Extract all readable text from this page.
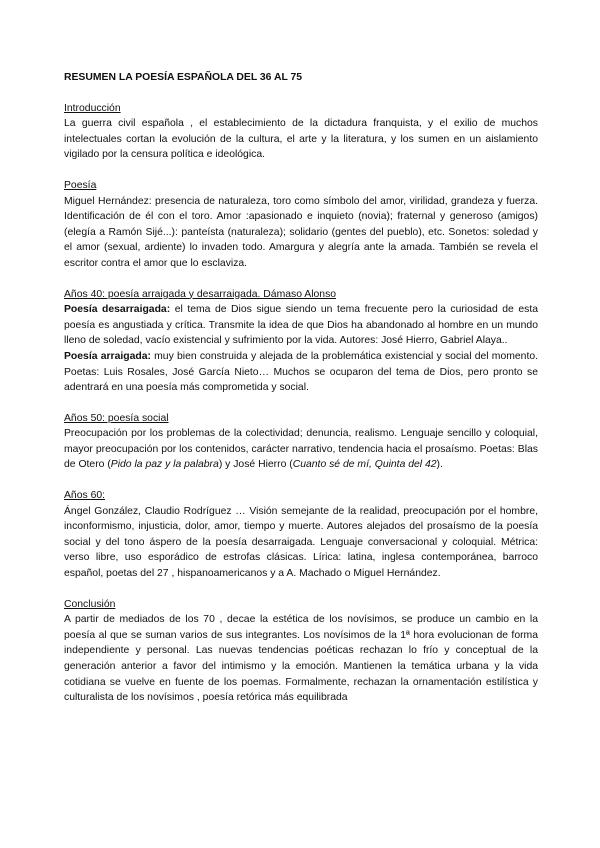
RESUMEN LA POESÍA ESPAÑOLA DEL 36 AL 75

Introducción

La guerra civil española , el establecimiento de la dictadura franquista, y el exilio de muchos intelectuales cortan la evolución de la cultura, el arte y la literatura, y los sumen en un aislamiento vigilado por la censura política e ideológica.

Poesía

Miguel Hernández: presencia de naturaleza, toro como símbolo del amor, virilidad, grandeza y fuerza. Identificación de él con el toro. Amor :apasionado e inquieto (novia); fraternal y generoso (amigos) (elegía a Ramón Sijé...): panteísta (naturaleza); solidario (gentes del pueblo), etc. Sonetos: soledad y el amor (sexual, ardiente) lo invaden todo. Amargura y alegría ante la amada. También se revela el escritor contra el amor que lo esclaviza.

Años 40: poesía arraigada y desarraigada. Dámaso Alonso

Poesía desarraigada: el tema de Dios sigue siendo un tema frecuente pero la curiosidad de esta poesía es angustiada y crítica. Transmite la idea de que Dios ha abandonado al hombre en un mundo lleno de soledad, vacío existencial y sufrimiento por la vida. Autores: José Hierro, Gabriel Alaya..

Poesía arraigada: muy bien construida y alejada de la problemática existencial y social del momento. Poetas: Luis Rosales, José García Nieto… Muchos se ocuparon del tema de Dios, pero pronto se adentrará en una poesía más comprometida y social.

Años 50: poesía social

Preocupación por los problemas de la colectividad; denuncia, realismo. Lenguaje sencillo y coloquial, mayor preocupación por los contenidos, carácter narrativo, tendencia hacia el prosaísmo. Poetas: Blas de Otero (Pido la paz y la palabra) y José Hierro (Cuanto sé de mí, Quinta del 42).

Años 60:

Ángel González, Claudio Rodríguez … Visión semejante de la realidad, preocupación por el hombre, inconformismo, injusticia, dolor, amor, tiempo y muerte. Autores alejados del prosaísmo de la poesía social y del tono áspero de la poesía desarraigada. Lenguaje conversacional y coloquial. Métrica: verso libre, uso esporádico de estrofas clásicas. Lírica: latina, inglesa contemporánea, barroco español, poetas del 27 , hispanoamericanos y a A. Machado o Miguel Hernández.

Conclusión

A partir de mediados de los 70 , decae la estética de los novísimos, se produce un cambio en la poesía al que se suman varios de sus integrantes. Los novísimos de la 1ª hora evolucionan de forma independiente y personal. Las nuevas tendencias poéticas rechazan lo frío y conceptual de la generación anterior a favor del intimismo y la emoción. Mantienen la temática urbana y la vida cotidiana se vuelve en fuente de los poemas. Formalmente, rechazan la ornamentación estilística y culturalista de los novísimos , poesía retórica más equilibrada
